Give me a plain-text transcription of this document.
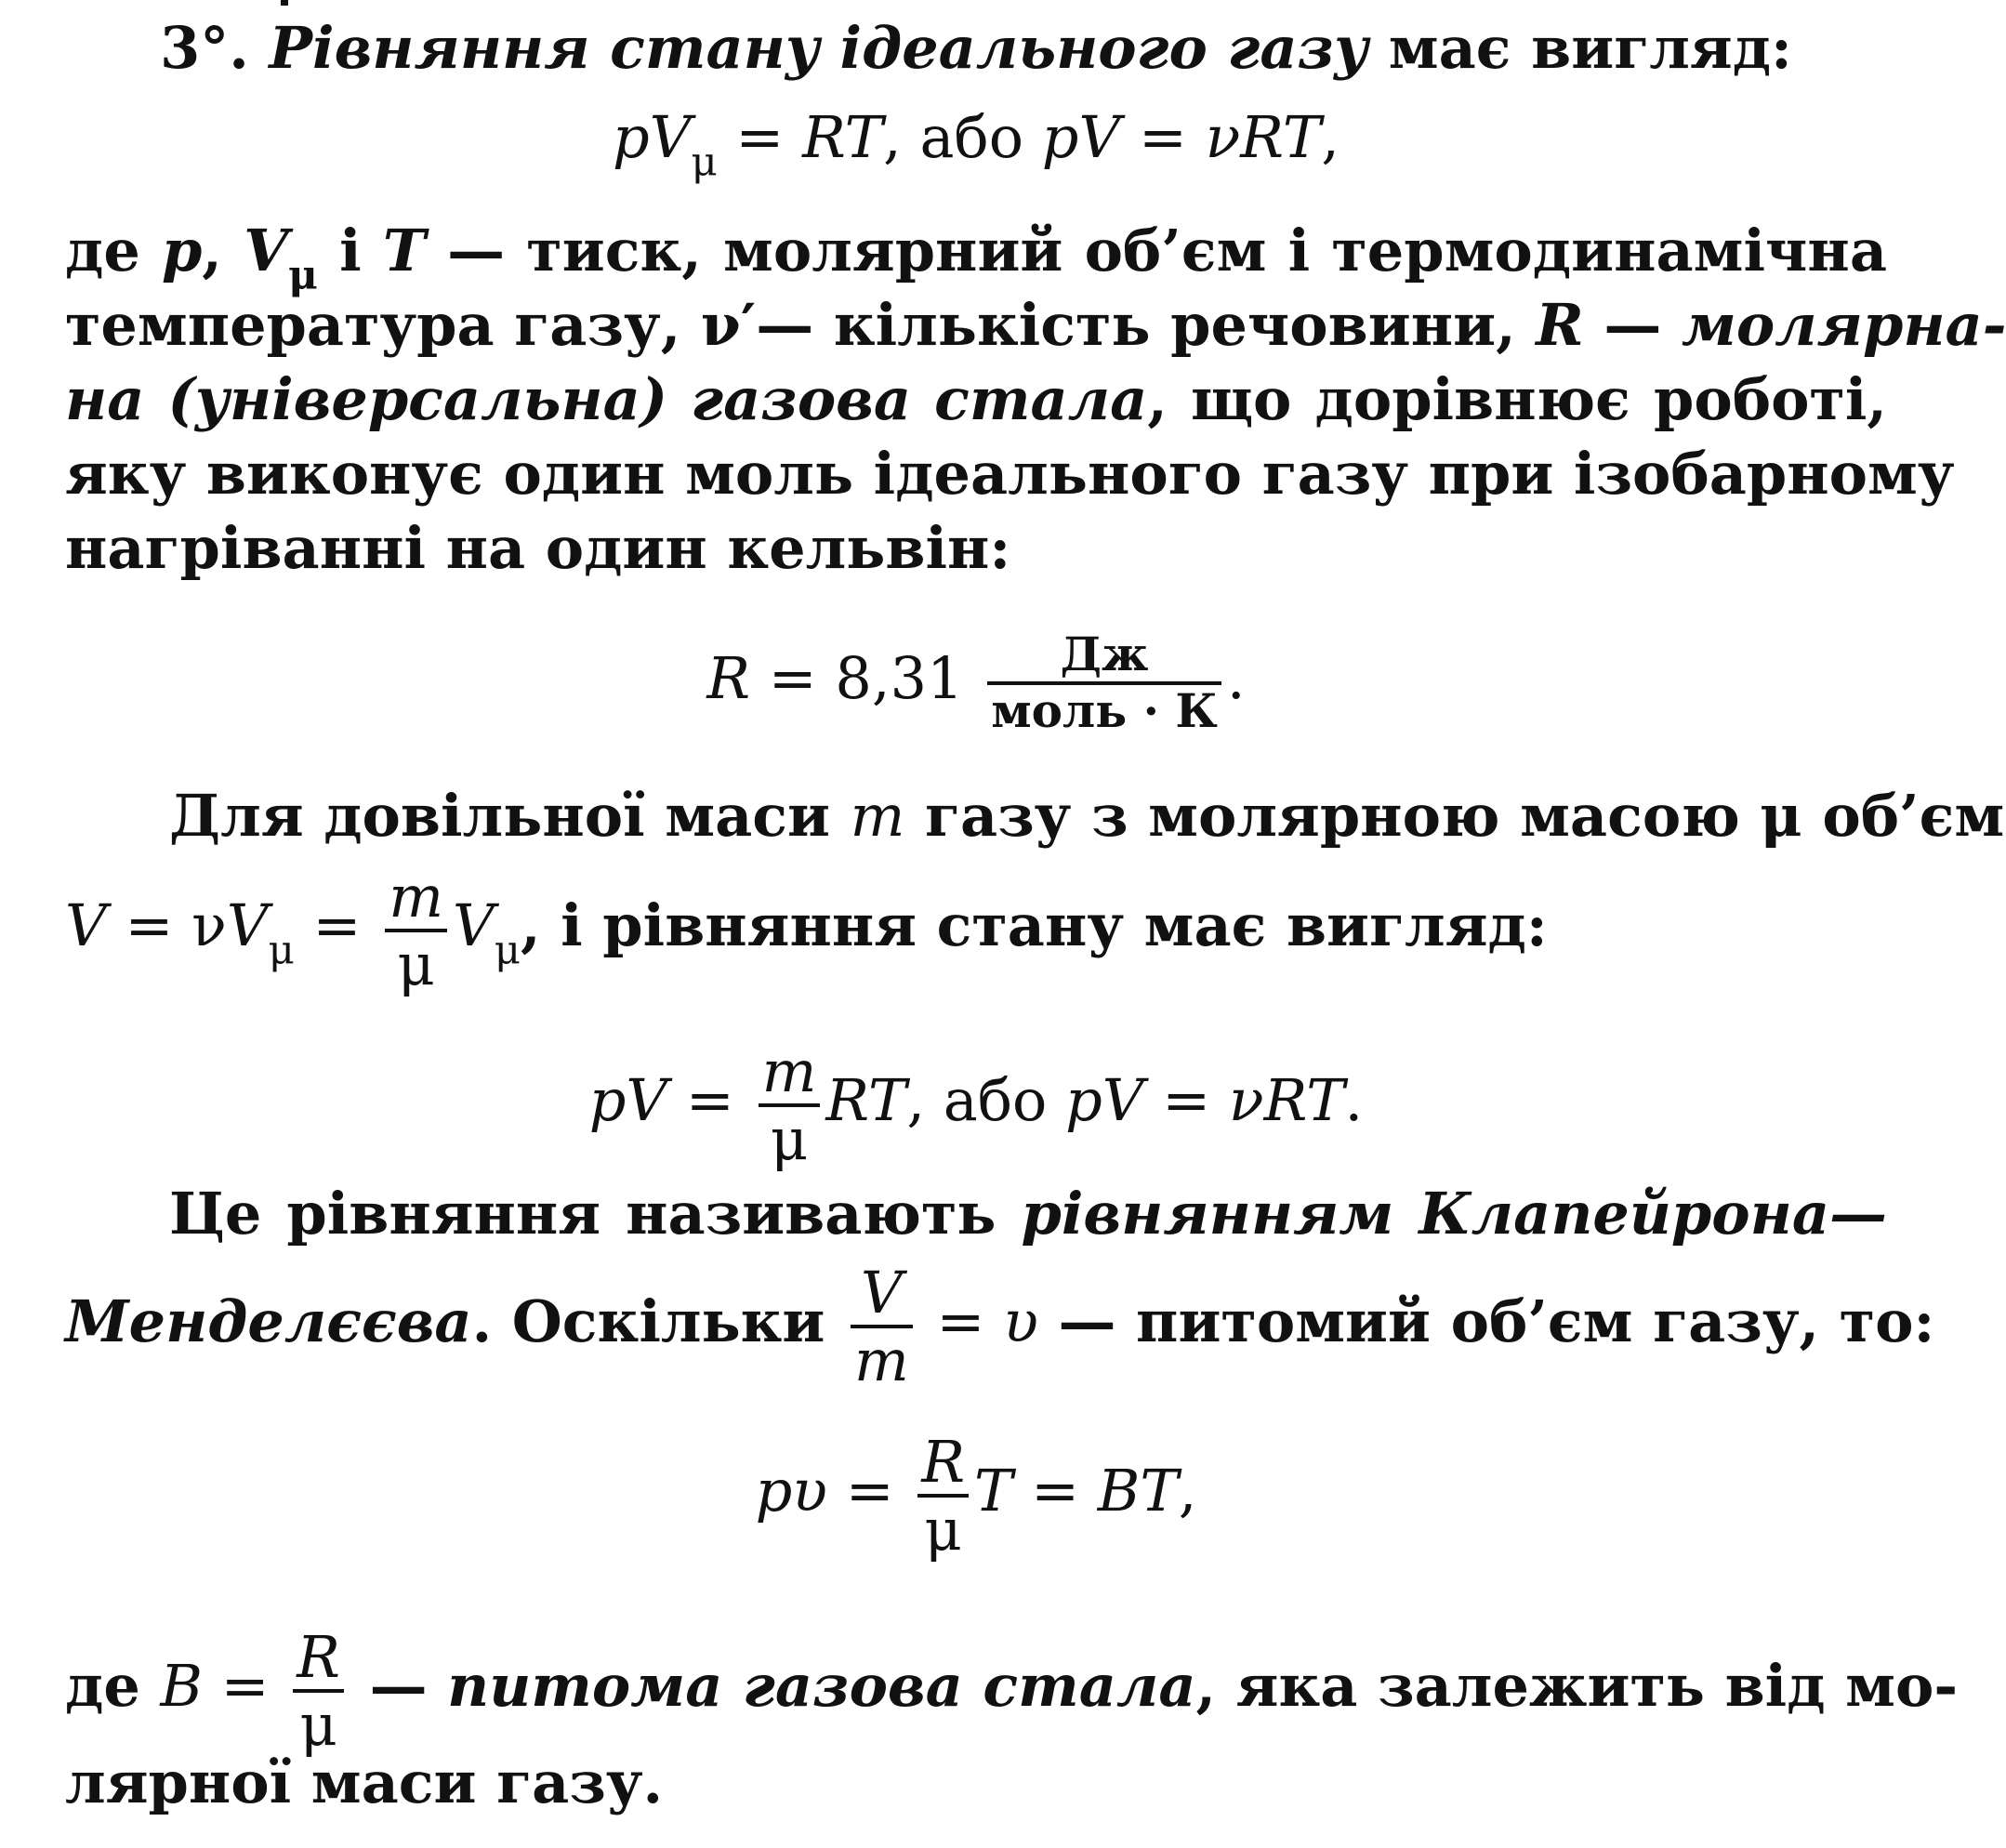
3°. Рівняння стану ідеального газу має вигляд:
$pV_\mu$ = RT, або pV = νRT,
де p, $V_\mu$ і T — тиск, молярний об’єм і термодинамічна
температура газу, ν′— кількість речовини, R — молярна-
на (універсальна) газова стала, що дорівнює роботі,
яку виконує один моль ідеального газу при ізобарному
нагріванні на один кельвін:
$R = 8,31 \frac{Дж}{\text{моль · К}}$ .
Для довільної маси m газу з молярною масою μ об’єм
$V = \nu V_\mu = \frac{m}{\mu} V_\mu$, і рівняння стану має вигляд:
pV = $\frac{m}{\mu}$ RT, або pV = νRT.
Це рівняння називають рівнянням Клапейрона—
Менделєєва. Оскільки $\frac{V}{m} = \upsilon$ — питомий об’єм газу, то:
$p\upsilon = \frac{R}{\mu}$ T = BT,
де $B = \frac{R}{\mu}$ — питома газова стала, яка залежить від мо-
лярної маси газу.
